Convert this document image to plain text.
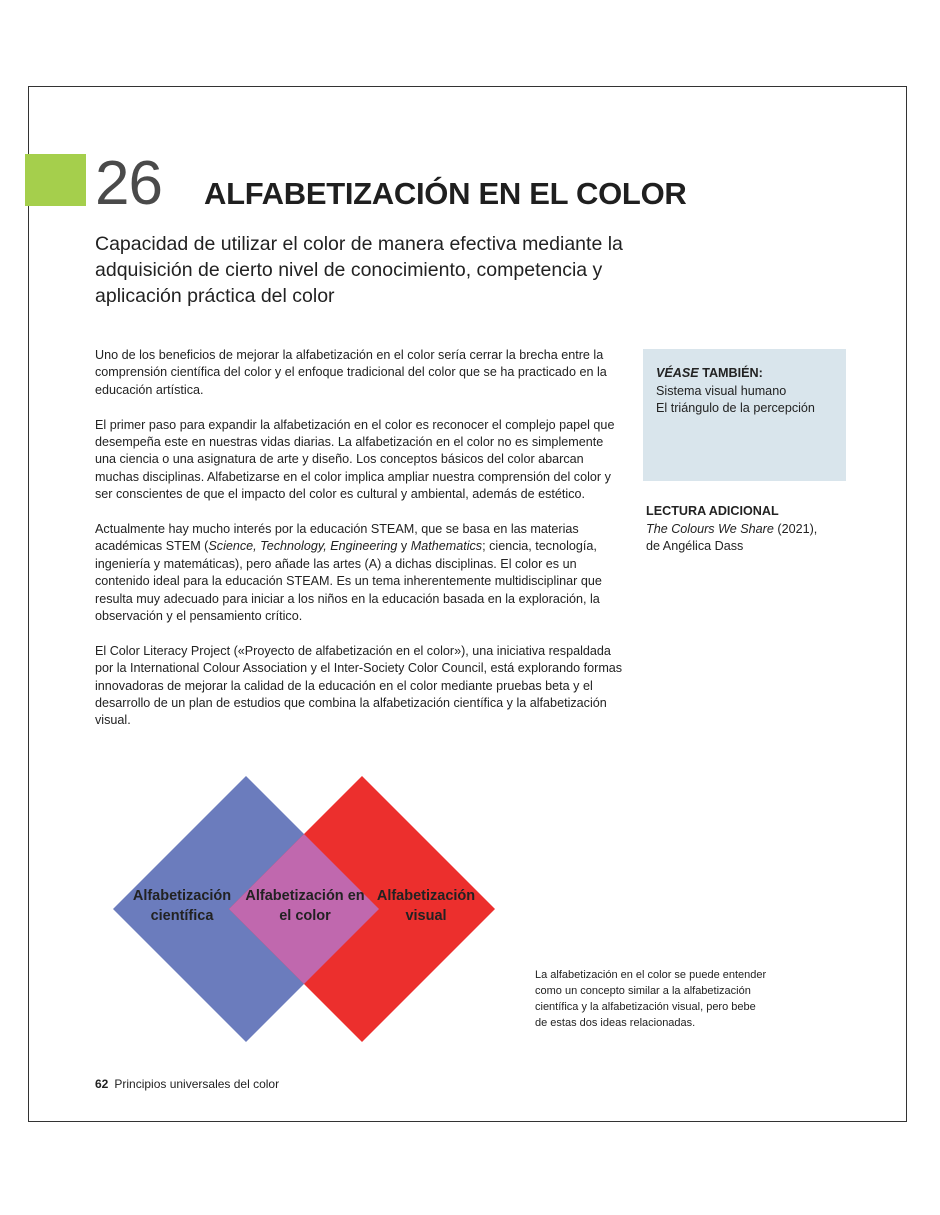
26 ALFABETIZACIÓN EN EL COLOR
Capacidad de utilizar el color de manera efectiva mediante la adquisición de cierto nivel de conocimiento, competencia y aplicación práctica del color

Uno de los beneficios de mejorar la alfabetización en el color sería cerrar la brecha entre la comprensión científica del color y el enfoque tradicional del color que se ha practicado en la educación artística.

El primer paso para expandir la alfabetización en el color es reconocer el complejo papel que desempeña este en nuestras vidas diarias. La alfabetización en el color no es simplemente una ciencia o una asignatura de arte y diseño. Los conceptos básicos del color abarcan muchas disciplinas. Alfabetizarse en el color implica ampliar nuestra comprensión del color y ser conscientes de que el impacto del color es cultural y ambiental, además de estético.

Actualmente hay mucho interés por la educación STEAM, que se basa en las materias académicas STEM (Science, Technology, Engineering y Mathematics; ciencia, tecnología, ingeniería y matemáticas), pero añade las artes (A) a dichas disciplinas. El color es un contenido ideal para la educación STEAM. Es un tema inherentemente multidisciplinar que resulta muy adecuado para iniciar a los niños en la educación basada en la exploración, la observación y el pensamiento crítico.

El Color Literacy Project («Proyecto de alfabetización en el color»), una iniciativa respaldada por la International Colour Association y el Inter-Society Color Council, está explorando formas innovadoras de mejorar la calidad de la educación en el color mediante pruebas beta y el desarrollo de un plan de estudios que combina la alfabetización científica y la alfabetización visual.

VÉASE TAMBIÉN:
Sistema visual humano
El triángulo de la percepción
LECTURA ADICIONAL
The Colours We Share (2021),
de Angélica Dass
Alfabetización científica
Alfabetización en el color
Alfabetización visual
La alfabetización en el color se puede entender como un concepto similar a la alfabetización científica y la alfabetización visual, pero bebe de estas dos ideas relacionadas.
62 Principios universales del color
